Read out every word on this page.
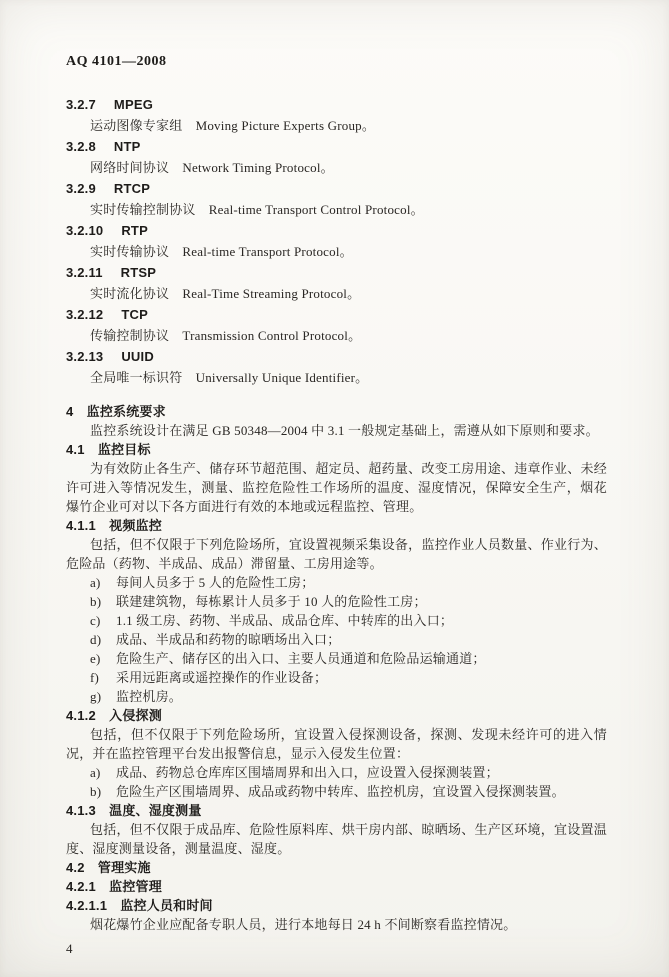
AQ 4101—2008
3.2.7 MPEG
运动图像专家组　Moving Picture Experts Group。
3.2.8 NTP
网络时间协议　Network Timing Protocol。
3.2.9 RTCP
实时传输控制协议　Real-time Transport Control Protocol。
3.2.10 RTP
实时传输协议　Real-time Transport Protocol。
3.2.11 RTSP
实时流化协议　Real-Time Streaming Protocol。
3.2.12 TCP
传输控制协议　Transmission Control Protocol。
3.2.13 UUID
全局唯一标识符　Universally Unique Identifier。
4　监控系统要求

监控系统设计在满足 GB 50348—2004 中 3.1 一般规定基础上，需遵从如下原则和要求。

4.1　监控目标

为有效防止各生产、储存环节超范围、超定员、超药量、改变工房用途、违章作业、未经许可进入等情况发生，测量、监控危险性工作场所的温度、湿度情况，保障安全生产，烟花爆竹企业可对以下各方面进行有效的本地或远程监控、管理。

4.1.1　视频监控

包括，但不仅限于下列危险场所，宜设置视频采集设备，监控作业人员数量、作业行为、危险品（药物、半成品、成品）滞留量、工房用途等。

a)	每间人员多于 5 人的危险性工房；
b)	联建建筑物，每栋累计人员多于 10 人的危险性工房；
c)	1.1 级工房、药物、半成品、成品仓库、中转库的出入口；
d)	成品、半成品和药物的晾晒场出入口；
e)	危险生产、储存区的出入口、主要人员通道和危险品运输通道；
f)	采用远距离或遥控操作的作业设备；
g)	监控机房。
4.1.2　入侵探测

包括，但不仅限于下列危险场所，宜设置入侵探测设备，探测、发现未经许可的进入情况，并在监控管理平台发出报警信息，显示入侵发生位置：

a)	成品、药物总仓库库区围墙周界和出入口，应设置入侵探测装置；
b)	危险生产区围墙周界、成品或药物中转库、监控机房，宜设置入侵探测装置。
4.1.3　温度、湿度测量

包括，但不仅限于成品库、危险性原料库、烘干房内部、晾晒场、生产区环境，宜设置温度、湿度测量设备，测量温度、湿度。

4.2　管理实施
4.2.1　监控管理
4.2.1.1　监控人员和时间

烟花爆竹企业应配备专职人员，进行本地每日 24 h 不间断察看监控情况。

4
